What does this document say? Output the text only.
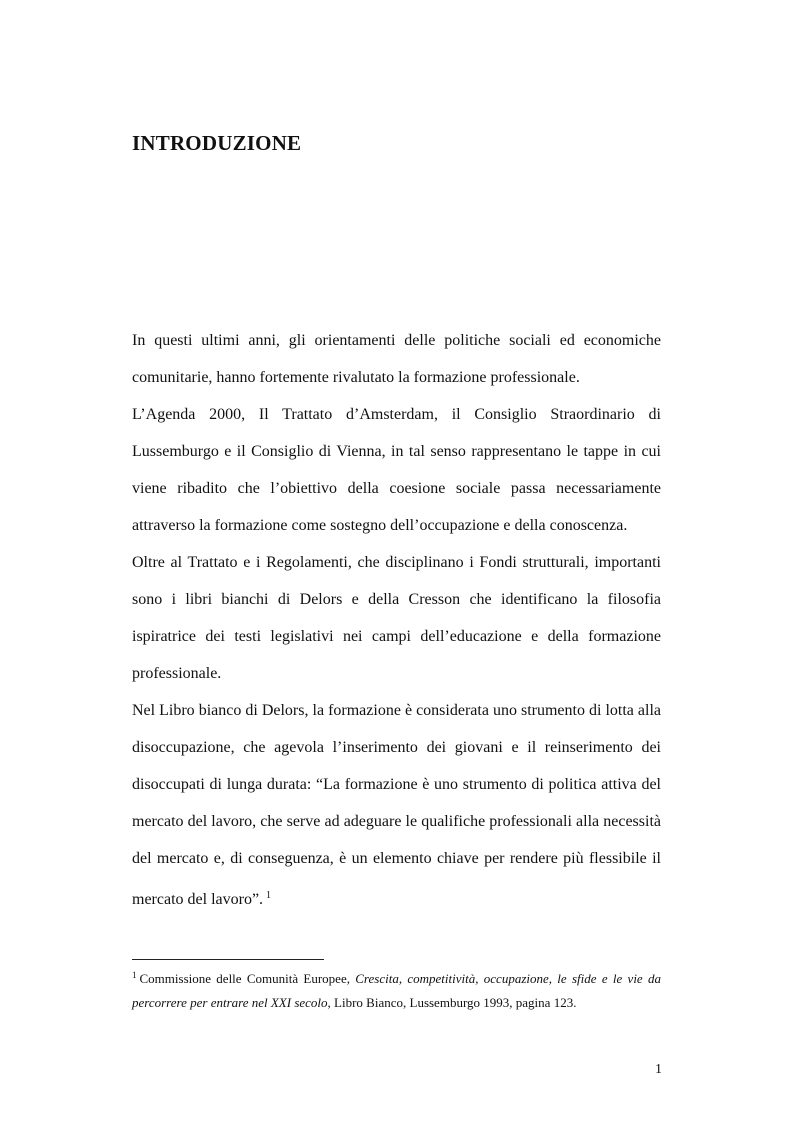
INTRODUZIONE
In questi ultimi anni, gli orientamenti delle politiche sociali ed economiche
comunitarie, hanno fortemente rivalutato la formazione professionale.
L’Agenda 2000, Il Trattato d’Amsterdam, il Consiglio Straordinario di
Lussemburgo e il Consiglio di Vienna, in tal senso rappresentano le tappe in cui
viene ribadito che l’obiettivo della coesione sociale passa necessariamente
attraverso la formazione come sostegno dell’occupazione e della conoscenza.
Oltre al Trattato e i Regolamenti, che disciplinano i Fondi strutturali, importanti
sono i libri bianchi di Delors e della Cresson che identificano la filosofia
ispiratrice dei testi legislativi nei campi dell’educazione e della formazione
professionale.
Nel Libro bianco di Delors, la formazione è considerata uno strumento di lotta alla
disoccupazione, che agevola l’inserimento dei giovani e il reinserimento dei
disoccupati di lunga durata: “La formazione è uno strumento di politica attiva del
mercato del lavoro, che serve ad adeguare le qualifiche professionali alla necessità
del mercato e, di conseguenza, è un elemento chiave per rendere più flessibile il
mercato del lavoro”. $^1$
$^1$ Commissione delle Comunità Europee, Crescita, competitività, occupazione, le sfide e le vie da
percorrere per entrare nel XXI secolo, Libro Bianco, Lussemburgo 1993, pagina 123.
1
